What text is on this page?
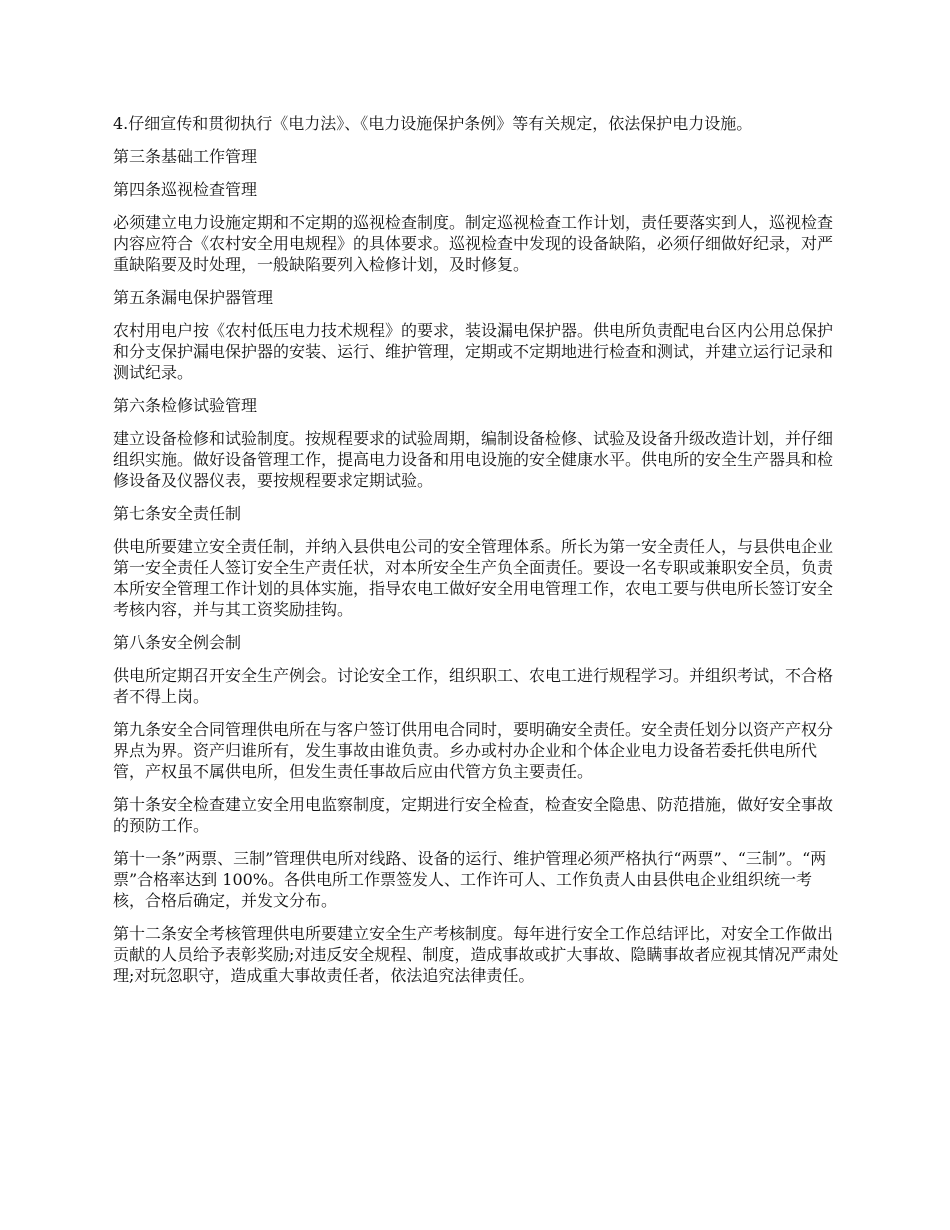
4.仔细宣传和贯彻执行《电力法》、《电力设施保护条例》等有关规定，依法保护电力设施。

第三条基础工作管理

第四条巡视检查管理

必须建立电力设施定期和不定期的巡视检查制度。制定巡视检查工作计划，责任要落实到人，巡视检查内容应符合《农村安全用电规程》的具体要求。巡视检查中发现的设备缺陷，必须仔细做好纪录，对严重缺陷要及时处理，一般缺陷要列入检修计划，及时修复。

第五条漏电保护器管理

农村用电户按《农村低压电力技术规程》的要求，装设漏电保护器。供电所负责配电台区内公用总保护和分支保护漏电保护器的安装、运行、维护管理，定期或不定期地进行检查和测试，并建立运行记录和测试纪录。

第六条检修试验管理

建立设备检修和试验制度。按规程要求的试验周期，编制设备检修、试验及设备升级改造计划，并仔细组织实施。做好设备管理工作，提高电力设备和用电设施的安全健康水平。供电所的安全生产器具和检修设备及仪器仪表，要按规程要求定期试验。

第七条安全责任制

供电所要建立安全责任制，并纳入县供电公司的安全管理体系。所长为第一安全责任人，与县供电企业第一安全责任人签订安全生产责任状，对本所安全生产负全面责任。要设一名专职或兼职安全员，负责本所安全管理工作计划的具体实施，指导农电工做好安全用电管理工作，农电工要与供电所长签订安全考核内容，并与其工资奖励挂钩。

第八条安全例会制

供电所定期召开安全生产例会。讨论安全工作，组织职工、农电工进行规程学习。并组织考试，不合格者不得上岗。

第九条安全合同管理供电所在与客户签订供用电合同时，要明确安全责任。安全责任划分以资产产权分界点为界。资产归谁所有，发生事故由谁负责。乡办或村办企业和个体企业电力设备若委托供电所代管，产权虽不属供电所，但发生责任事故后应由代管方负主要责任。

第十条安全检查建立安全用电监察制度，定期进行安全检查，检查安全隐患、防范措施，做好安全事故的预防工作。

第十一条”两票、三制”管理供电所对线路、设备的运行、维护管理必须严格执行“两票”、“三制”。“两票”合格率达到 100%。各供电所工作票签发人、工作许可人、工作负责人由县供电企业组织统一考核，合格后确定，并发文分布。

第十二条安全考核管理供电所要建立安全生产考核制度。每年进行安全工作总结评比，对安全工作做出贡献的人员给予表彰奖励;对违反安全规程、制度，造成事故或扩大事故、隐瞒事故者应视其情况严肃处理;对玩忽职守，造成重大事故责任者，依法追究法律责任。
